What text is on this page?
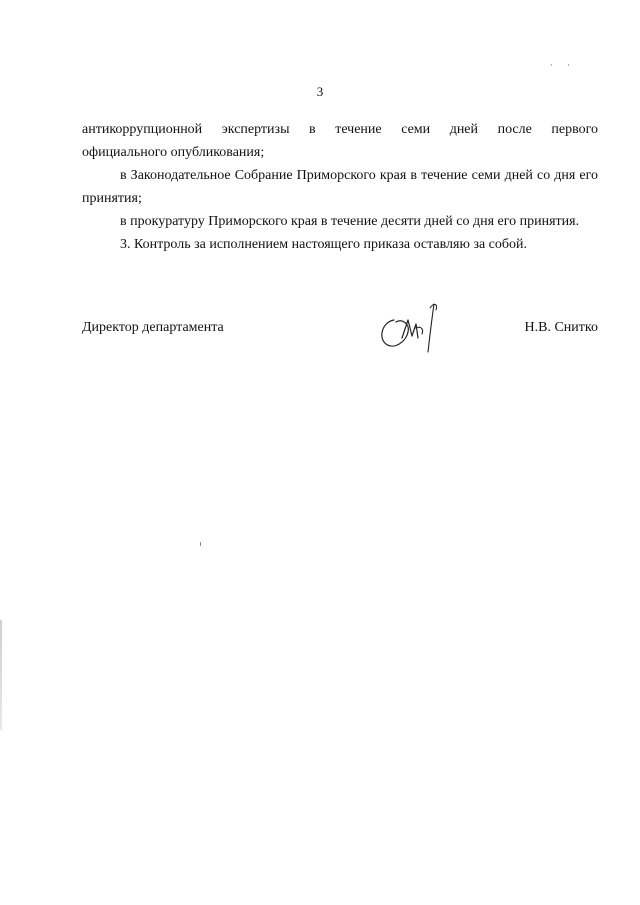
· ·
3

антикоррупционной экспертизы в течение семи дней после первого

официального опубликования;

в Законодательное Собрание Приморского края в течение семи дней со дня его принятия;

в прокуратуру Приморского края в течение десяти дней со дня его принятия.

3. Контроль за исполнением настоящего приказа оставляю за собой.

Директор департамента	Н.В. Снитко
